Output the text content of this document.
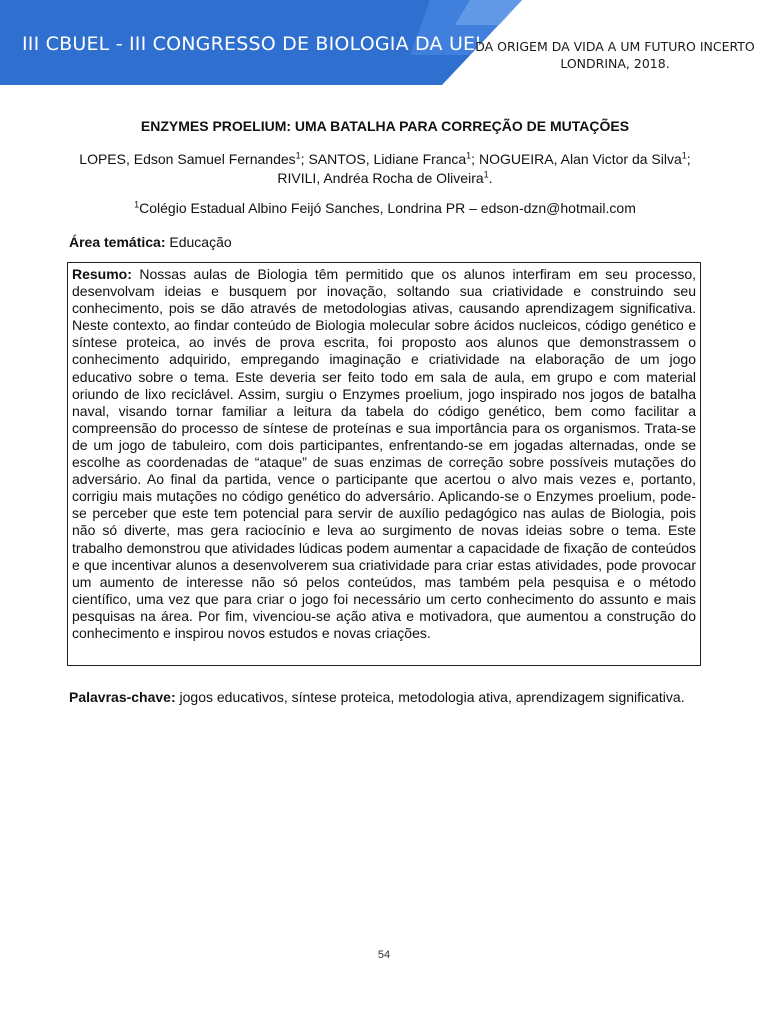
III CBUEL - III CONGRESSO DE BIOLOGIA DA UEL
DA ORIGEM DA VIDA A UM FUTURO INCERTO
LONDRINA, 2018.
ENZYMES PROELIUM: UMA BATALHA PARA CORREÇÃO DE MUTAÇÕES
LOPES, Edson Samuel Fernandes$^1$; SANTOS, Lidiane Franca$^1$; NOGUEIRA, Alan Victor da Silva$^1$; RIVILI, Andréa Rocha de Oliveira$^1$.
$^1$Colégio Estadual Albino Feijó Sanches, Londrina PR – edson-dzn@hotmail.com
Área temática: Educação
Resumo: Nossas aulas de Biologia têm permitido que os alunos interfiram em seu processo, desenvolvam ideias e busquem por inovação, soltando sua criatividade e construindo seu conhecimento, pois se dão através de metodologias ativas, causando aprendizagem significativa. Neste contexto, ao findar conteúdo de Biologia molecular sobre ácidos nucleicos, código genético e síntese proteica, ao invés de prova escrita, foi proposto aos alunos que demonstrassem o conhecimento adquirido, empregando imaginação e criatividade na elaboração de um jogo educativo sobre o tema. Este deveria ser feito todo em sala de aula, em grupo e com material oriundo de lixo reciclável. Assim, surgiu o Enzymes proelium, jogo inspirado nos jogos de batalha naval, visando tornar familiar a leitura da tabela do código genético, bem como facilitar a compreensão do processo de síntese de proteínas e sua importância para os organismos. Trata-se de um jogo de tabuleiro, com dois participantes, enfrentando-se em jogadas alternadas, onde se escolhe as coordenadas de “ataque” de suas enzimas de correção sobre possíveis mutações do adversário. Ao final da partida, vence o participante que acertou o alvo mais vezes e, portanto, corrigiu mais mutações no código genético do adversário. Aplicando-se o Enzymes proelium, pode-se perceber que este tem potencial para servir de auxílio pedagógico nas aulas de Biologia, pois não só diverte, mas gera raciocínio e leva ao surgimento de novas ideias sobre o tema. Este trabalho demonstrou que atividades lúdicas podem aumentar a capacidade de fixação de conteúdos e que incentivar alunos a desenvolverem sua criatividade para criar estas atividades, pode provocar um aumento de interesse não só pelos conteúdos, mas também pela pesquisa e o método científico, uma vez que para criar o jogo foi necessário um certo conhecimento do assunto e mais pesquisas na área. Por fim, vivenciou-se ação ativa e motivadora, que aumentou a construção do conhecimento e inspirou novos estudos e novas criações.
Palavras-chave: jogos educativos, síntese proteica, metodologia ativa, aprendizagem significativa.
54
